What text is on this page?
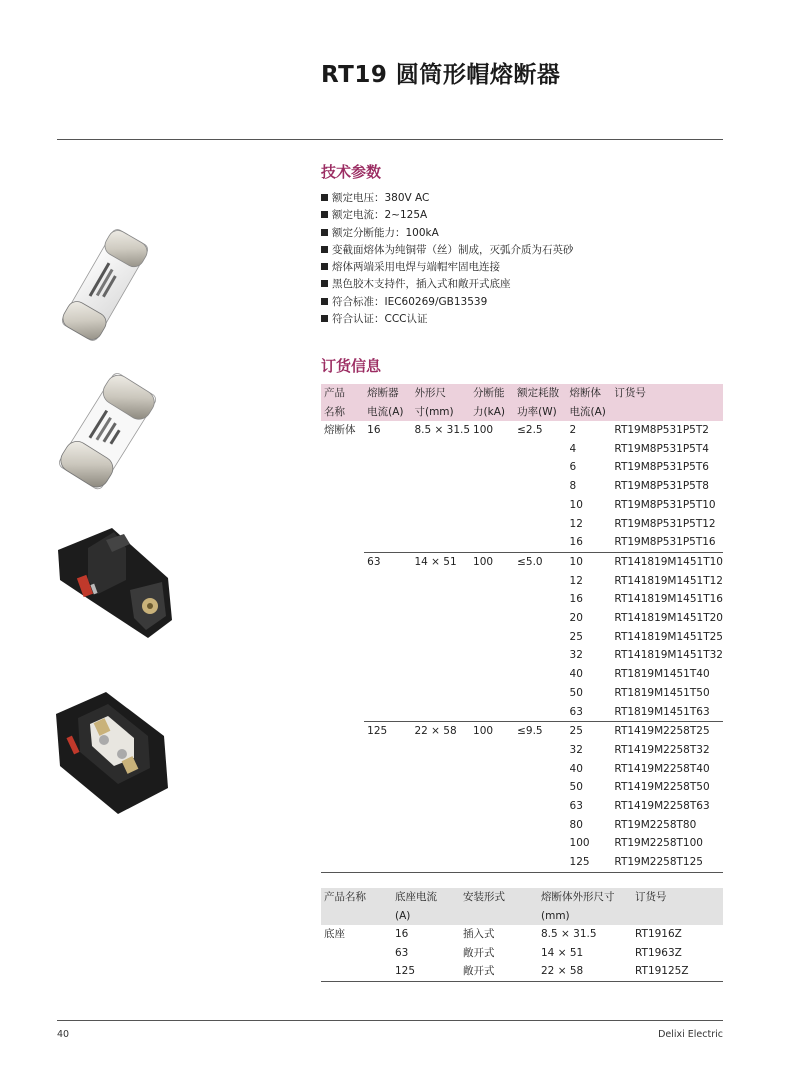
RT19 圆筒形帽熔断器
技术参数
额定电压：380V AC
额定电流：2~125A
额定分断能力：100kA
变截面熔体为纯铜带（丝）制成，灭弧介质为石英砂
熔体两端采用电焊与端帽牢固电连接
黑色胶木支持件，插入式和敞开式底座
符合标准：IEC60269/GB13539
符合认证：CCC认证
订货信息
产品	熔断器	外形尺	分断能	额定耗散	熔断体	订货号
名称	电流(A)	寸(mm)	力(kA)	功率(W)	电流(A)	
熔断体	16	8.5 × 31.5	100	≤2.5	2	RT19M8P531P5T2
					4	RT19M8P531P5T4
					6	RT19M8P531P5T6
					8	RT19M8P531P5T8
					10	RT19M8P531P5T10
					12	RT19M8P531P5T12
					16	RT19M8P531P5T16
	63	14 × 51	100	≤5.0	10	RT141819M1451T10
					12	RT141819M1451T12
					16	RT141819M1451T16
					20	RT141819M1451T20
					25	RT141819M1451T25
					32	RT141819M1451T32
					40	RT1819M1451T40
					50	RT1819M1451T50
					63	RT1819M1451T63
	125	22 × 58	100	≤9.5	25	RT1419M2258T25
					32	RT1419M2258T32
					40	RT1419M2258T40
					50	RT1419M2258T50
					63	RT1419M2258T63
					80	RT19M2258T80
					100	RT19M2258T100
					125	RT19M2258T125
产品名称	底座电流	安装形式	熔断体外形尺寸	订货号
	(A)		(mm)	
底座	16	插入式	8.5 × 31.5	RT1916Z
	63	敞开式	14 × 51	RT1963Z
	125	敞开式	22 × 58	RT19125Z
40	Delixi Electric
